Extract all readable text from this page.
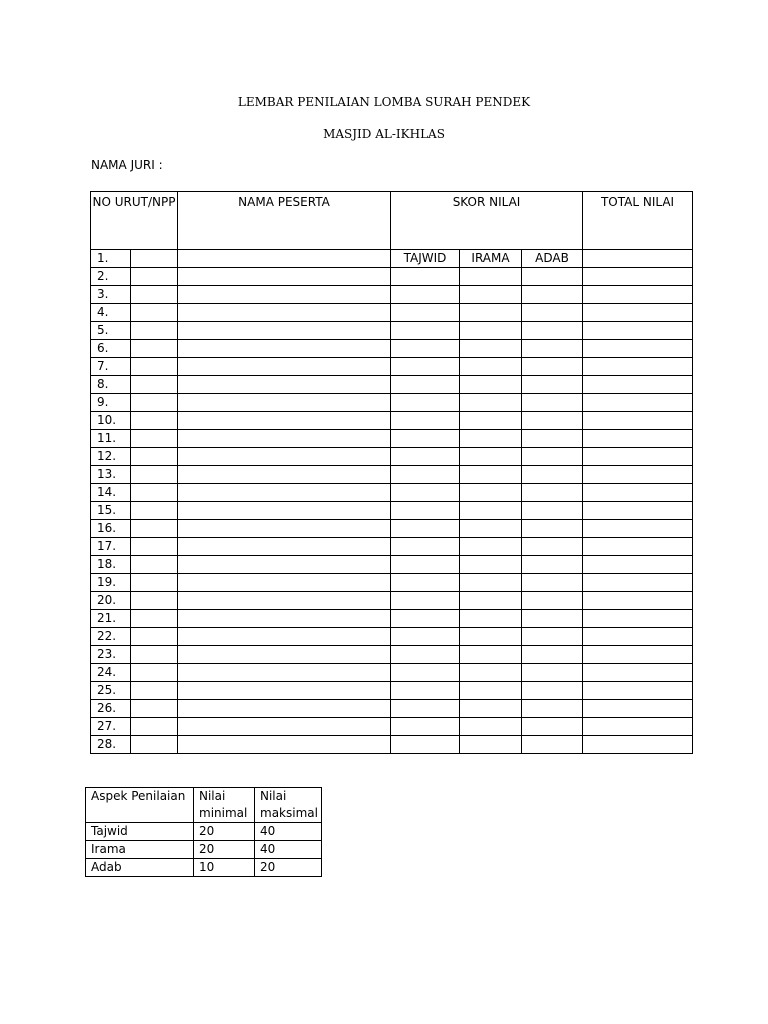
LEMBAR PENILAIAN LOMBA SURAH PENDEK
MASJID AL-IKHLAS
NAMA JURI :
NO URUT/NPP		NAMA PESERTA	SKOR NILAI			TOTAL NILAI
1.			TAJWID	IRAMA	ADAB	
2.						
3.						
4.						
5.						
6.						
7.						
8.						
9.						
10.						
11.						
12.						
13.						
14.						
15.						
16.						
17.						
18.						
19.						
20.						
21.						
22.						
23.						
24.						
25.						
26.						
27.						
28.						
Aspek Penilaian	Nilai minimal	Nilai maksimal
Tajwid	20	40
Irama	20	40
Adab	10	20
